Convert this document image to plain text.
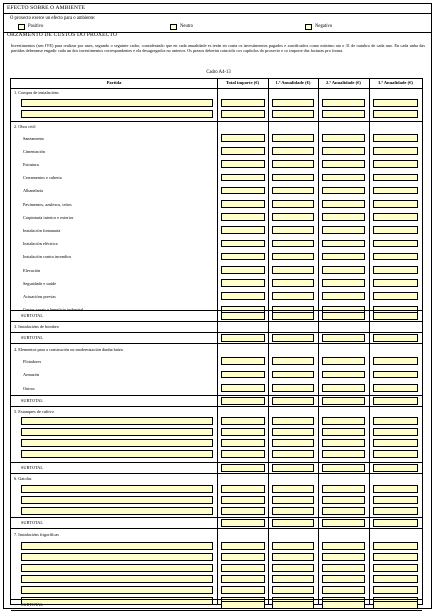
EFECTO SOBRE O AMBIENTE
O proxecto exerce un efecto para o ambiente:
Positivo	Neutro	Negativo
ORZAMENTO DE CUSTOS DO PROXECTO
Investimentos (sen IVE) para realizar por anos, segundo o seguinte cadro, considerando que en cada anualidade es terán en conta os investimentos pagados e xustificados como máximo ata o 31 de outubro de cada ano. En cada unha das partidas deberanse engadir cada un dos investimentos correspondentes e ela desagregados no anterior. Os prazos deberán coincidir cos capítulos do proxecto e co importe das facturas pro forma.
Cadro A4-13
Partida	Total importe (€)	1.ª Anualidade (€)	2.ª Anualidade (€)	3.ª Anualidade (€)
1. Compra de instalacións
2. Obra civil
Saneamento
Cimentación
Estrutura
Cerramentos e cuberta
Albanelaría
Pavimentos, azulexos, teitos
Carpintaría interior e exterior
Instalación fontanaría
Instalación eléctrica
Instalación contra incendios
Elevación
Seguridade e saúde
Actuacións previas
Gastos xerais e beneficio industrial
SUBTOTAL
3. Instalacións de bombeo
SUBTOTAL
4. Elementos para a construción ou modernización dunha batea
Flotadores
Armazón
Outros
SUBTOTAL
5. Estanques de cultivo
SUBTOTAL
6. Gaiolas
SUBTOTAL
7. Instalacións frigoríficas
SUBTOTAL
